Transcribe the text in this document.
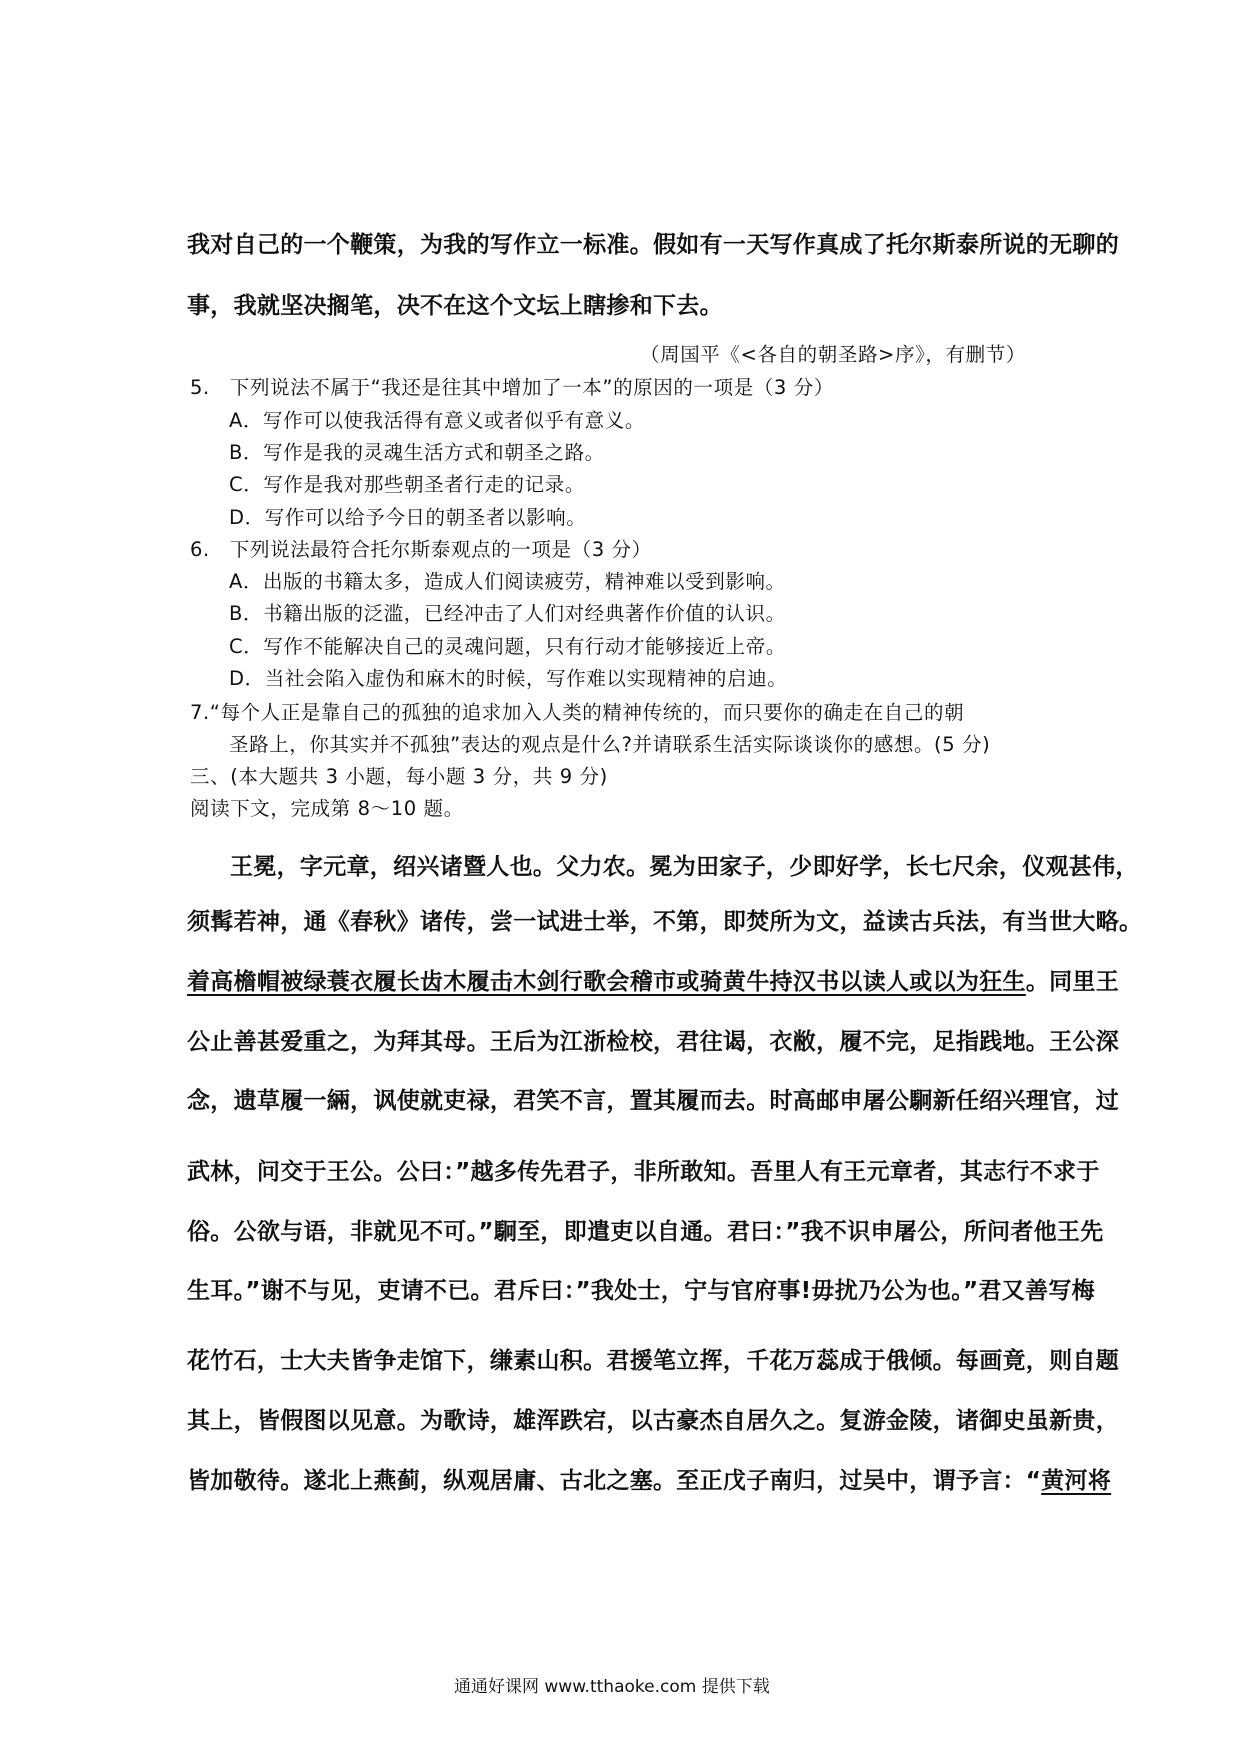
我对自己的一个鞭策，为我的写作立一标准。假如有一天写作真成了托尔斯泰所说的无聊的
事，我就坚决搁笔，决不在这个文坛上瞎掺和下去。
（周国平《<各自的朝圣路>序》，有删节）
5.　下列说法不属于“我还是往其中增加了一本”的原因的一项是（3 分）
A．写作可以使我活得有意义或者似乎有意义。
B．写作是我的灵魂生活方式和朝圣之路。
C．写作是我对那些朝圣者行走的记录。
D．写作可以给予今日的朝圣者以影响。
6.　下列说法最符合托尔斯泰观点的一项是（3 分）
A．出版的书籍太多，造成人们阅读疲劳，精神难以受到影响。
B．书籍出版的泛滥，已经冲击了人们对经典著作价值的认识。
C．写作不能解决自己的灵魂问题，只有行动才能够接近上帝。
D．当社会陷入虚伪和麻木的时候，写作难以实现精神的启迪。
7.“每个人正是靠自己的孤独的追求加入人类的精神传统的，而只要你的确走在自己的朝
圣路上，你其实并不孤独”表达的观点是什么?并请联系生活实际谈谈你的感想。(5 分)
三、(本大题共 3 小题，每小题 3 分，共 9 分)
阅读下文，完成第 8～10 题。
王冕，字元章，绍兴诸暨人也。父力农。冕为田家子，少即好学，长七尺余，仪观甚伟，
须髯若神，通《春秋》诸传，尝一试进士举，不第，即焚所为文，益读古兵法，有当世大略。
着高檐帽被绿蓑衣履长齿木履击木剑行歌会稽市或骑黄牛持汉书以读人或以为狂生。同里王
公止善甚爱重之，为拜其母。王后为江浙检校，君往谒，衣敝，履不完，足指践地。王公深
念，遗草履一緉，讽使就吏禄，君笑不言，置其履而去。时高邮申屠公駉新任绍兴理官，过
武林，问交于王公。公曰：”越多传先君子，非所敢知。吾里人有王元章者，其志行不求于
俗。公欲与语，非就见不可。”駉至，即遣吏以自通。君曰：”我不识申屠公，所问者他王先
生耳。”谢不与见，吏请不已。君斥曰：”我处士，宁与官府事!毋扰乃公为也。”君又善写梅
花竹石，士大夫皆争走馆下，缣素山积。君援笔立挥，千花万蕊成于俄倾。每画竟，则自题
其上，皆假图以见意。为歌诗，雄浑跌宕，以古豪杰自居久之。复游金陵，诸御史虽新贵，
皆加敬待。遂北上燕蓟，纵观居庸、古北之塞。至正戊子南归，过吴中，谓予言：“黄河将
通通好课网 www.tthaoke.com 提供下载
